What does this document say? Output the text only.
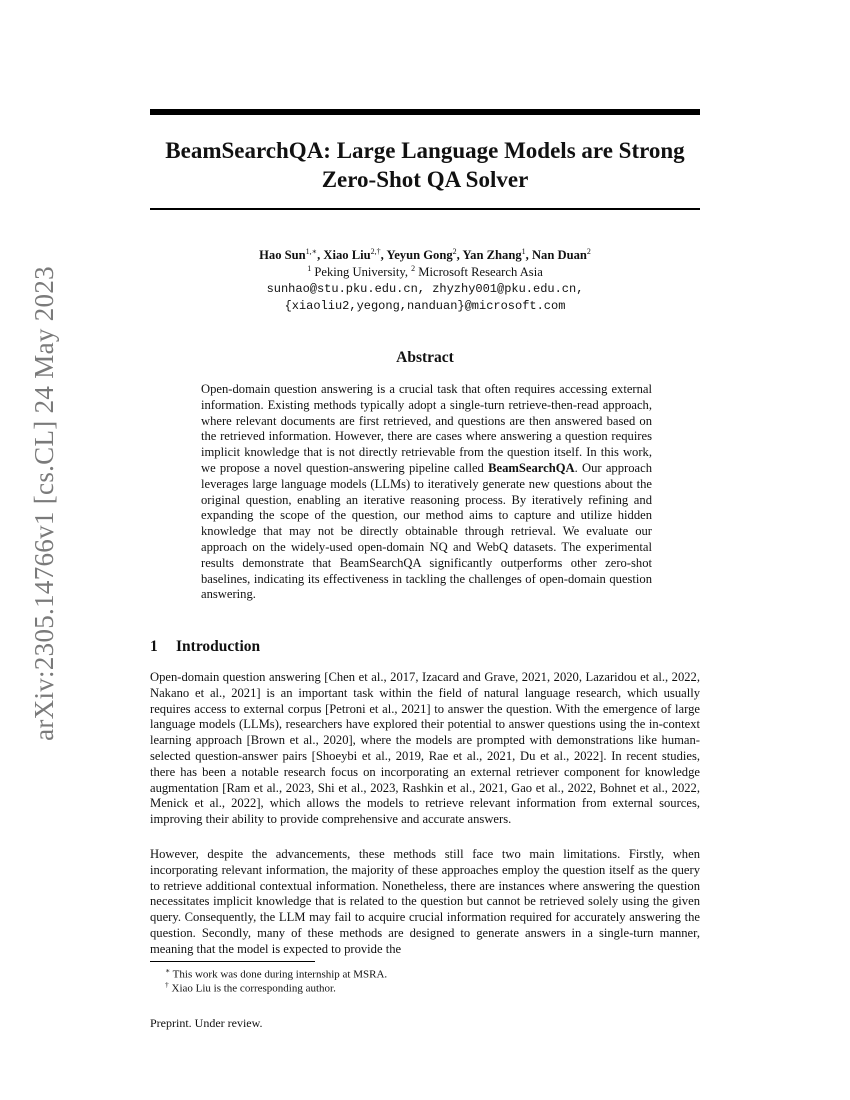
arXiv:2305.14766v1 [cs.CL] 24 May 2023
BeamSearchQA: Large Language Models are Strong
Zero-Shot QA Solver
Hao Sun$^{1,∗}$, Xiao Liu$^{2,\dagger}$, Yeyun Gong$^2$, Yan Zhang$^1$, Nan Duan$^2$
$^1$ Peking University, $^2$ Microsoft Research Asia
sunhao@stu.pku.edu.cn, zhyzhy001@pku.edu.cn,
{xiaoliu2,yegong,nanduan}@microsoft.com
Abstract

Open-domain question answering is a crucial task that often requires accessing external information. Existing methods typically adopt a single-turn retrieve-then-read approach, where relevant documents are first retrieved, and questions are then answered based on the retrieved information. However, there are cases where answering a question requires implicit knowledge that is not directly retrievable from the question itself. In this work, we propose a novel question-answering pipeline called BeamSearchQA. Our approach leverages large language models (LLMs) to iteratively generate new questions about the original question, enabling an iterative reasoning process. By iteratively refining and expanding the scope of the question, our method aims to capture and utilize hidden knowledge that may not be directly obtainable through retrieval. We evaluate our approach on the widely-used open-domain NQ and WebQ datasets. The experimental results demonstrate that BeamSearchQA significantly outperforms other zero-shot baselines, indicating its effectiveness in tackling the challenges of open-domain question answering.

1 Introduction

Open-domain question answering [Chen et al., 2017, Izacard and Grave, 2021, 2020, Lazaridou et al., 2022, Nakano et al., 2021] is an important task within the field of natural language research, which usually requires access to external corpus [Petroni et al., 2021] to answer the question. With the emergence of large language models (LLMs), researchers have explored their potential to answer questions using the in-context learning approach [Brown et al., 2020], where the models are prompted with demonstrations like human-selected question-answer pairs [Shoeybi et al., 2019, Rae et al., 2021, Du et al., 2022]. In recent studies, there has been a notable research focus on incorporating an external retriever component for knowledge augmentation [Ram et al., 2023, Shi et al., 2023, Rashkin et al., 2021, Gao et al., 2022, Bohnet et al., 2022, Menick et al., 2022], which allows the models to retrieve relevant information from external sources, improving their ability to provide comprehensive and accurate answers.

However, despite the advancements, these methods still face two main limitations. Firstly, when incorporating relevant information, the majority of these approaches employ the question itself as the query to retrieve additional contextual information. Nonetheless, there are instances where answering the question necessitates implicit knowledge that is related to the question but cannot be retrieved solely using the given query. Consequently, the LLM may fail to acquire crucial information required for accurately answering the question. Secondly, many of these methods are designed to generate answers in a single-turn manner, meaning that the model is expected to provide the

∗ This work was done during internship at MSRA.

† Xiao Liu is the corresponding author.

Preprint. Under review.
